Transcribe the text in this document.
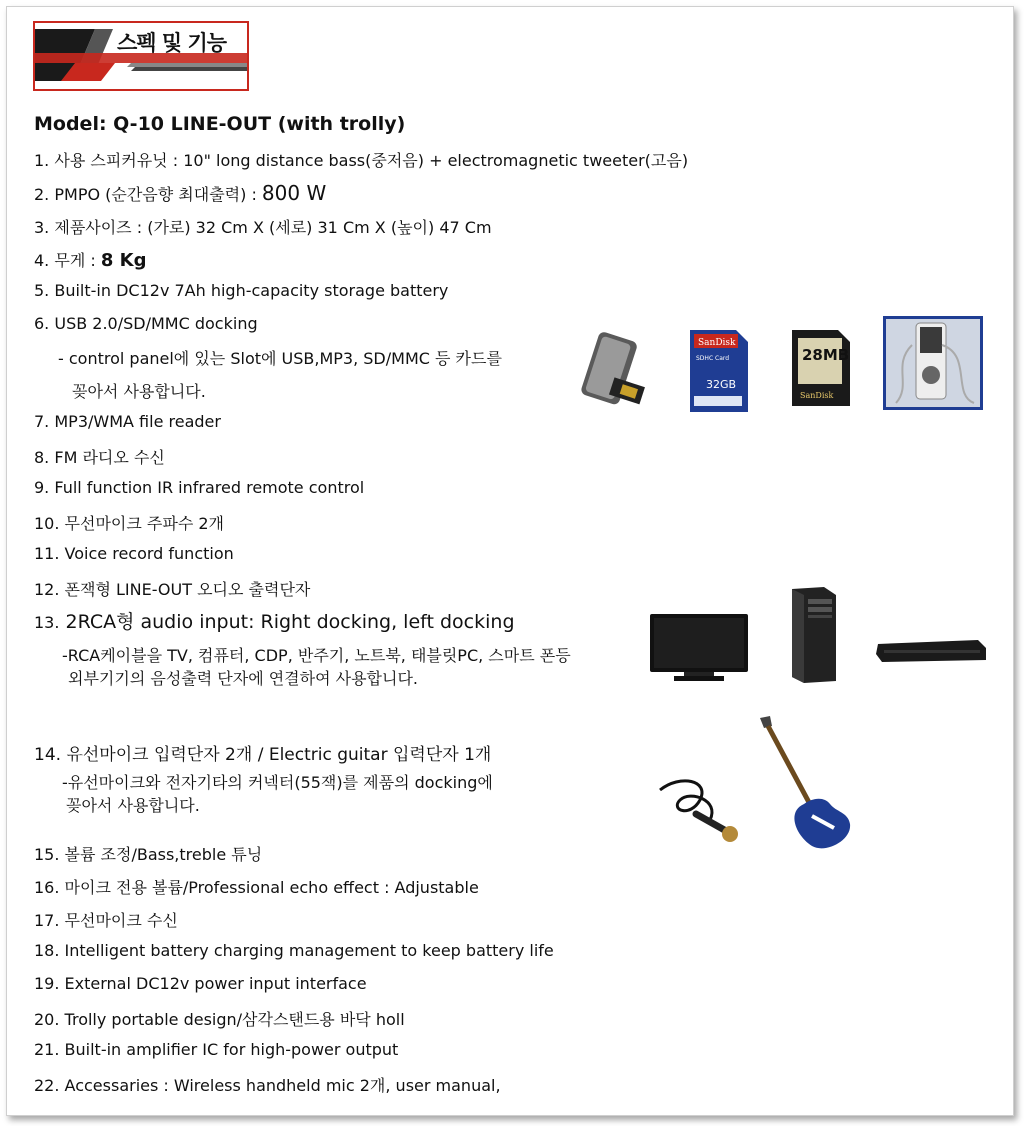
스펙 및 기능
Model: Q-10 LINE-OUT (with trolly)
1. 사용 스피커유닛 : 10" long distance bass(중저음) + electromagnetic tweeter(고음)
2. PMPO (순간음향 최대출력) : 800 W
3. 제품사이즈 : (가로) 32 Cm X (세로) 31 Cm X (높이) 47 Cm
4. 무게 : 8 Kg
5. Built-in DC12v 7Ah high-capacity storage battery
6. USB 2.0/SD/MMC docking
- control panel에 있는 Slot에 USB,MP3, SD/MMC 등 카드를
꽂아서 사용합니다.
7. MP3/WMA file reader
8. FM 라디오 수신
9. Full function IR infrared remote control
10. 무선마이크 주파수 2개
11. Voice record function
12. 폰잭형 LINE-OUT 오디오 출력단자
13. 2RCA형 audio input: Right docking, left docking
-RCA케이블을 TV, 컴퓨터, CDP, 반주기, 노트북, 태블릿PC, 스마트 폰등
외부기기의 음성출력 단자에 연결하여 사용합니다.
14. 유선마이크 입력단자 2개 / Electric guitar 입력단자 1개
-유선마이크와 전자기타의 커넥터(55잭)를 제품의 docking에
꽂아서 사용합니다.
15. 볼륨 조정/Bass,treble 튜닝
16. 마이크 전용 볼륨/Professional echo effect : Adjustable
17. 무선마이크 수신
18. Intelligent battery charging management to keep battery life
19. External DC12v power input interface
20. Trolly portable design/삼각스탠드용 바닥 holl
21. Built-in amplifier IC for high-power output
22. Accessaries : Wireless handheld mic 2개, user manual,
SanDisk
SDHC Card
32GB
28MB
SanDisk
